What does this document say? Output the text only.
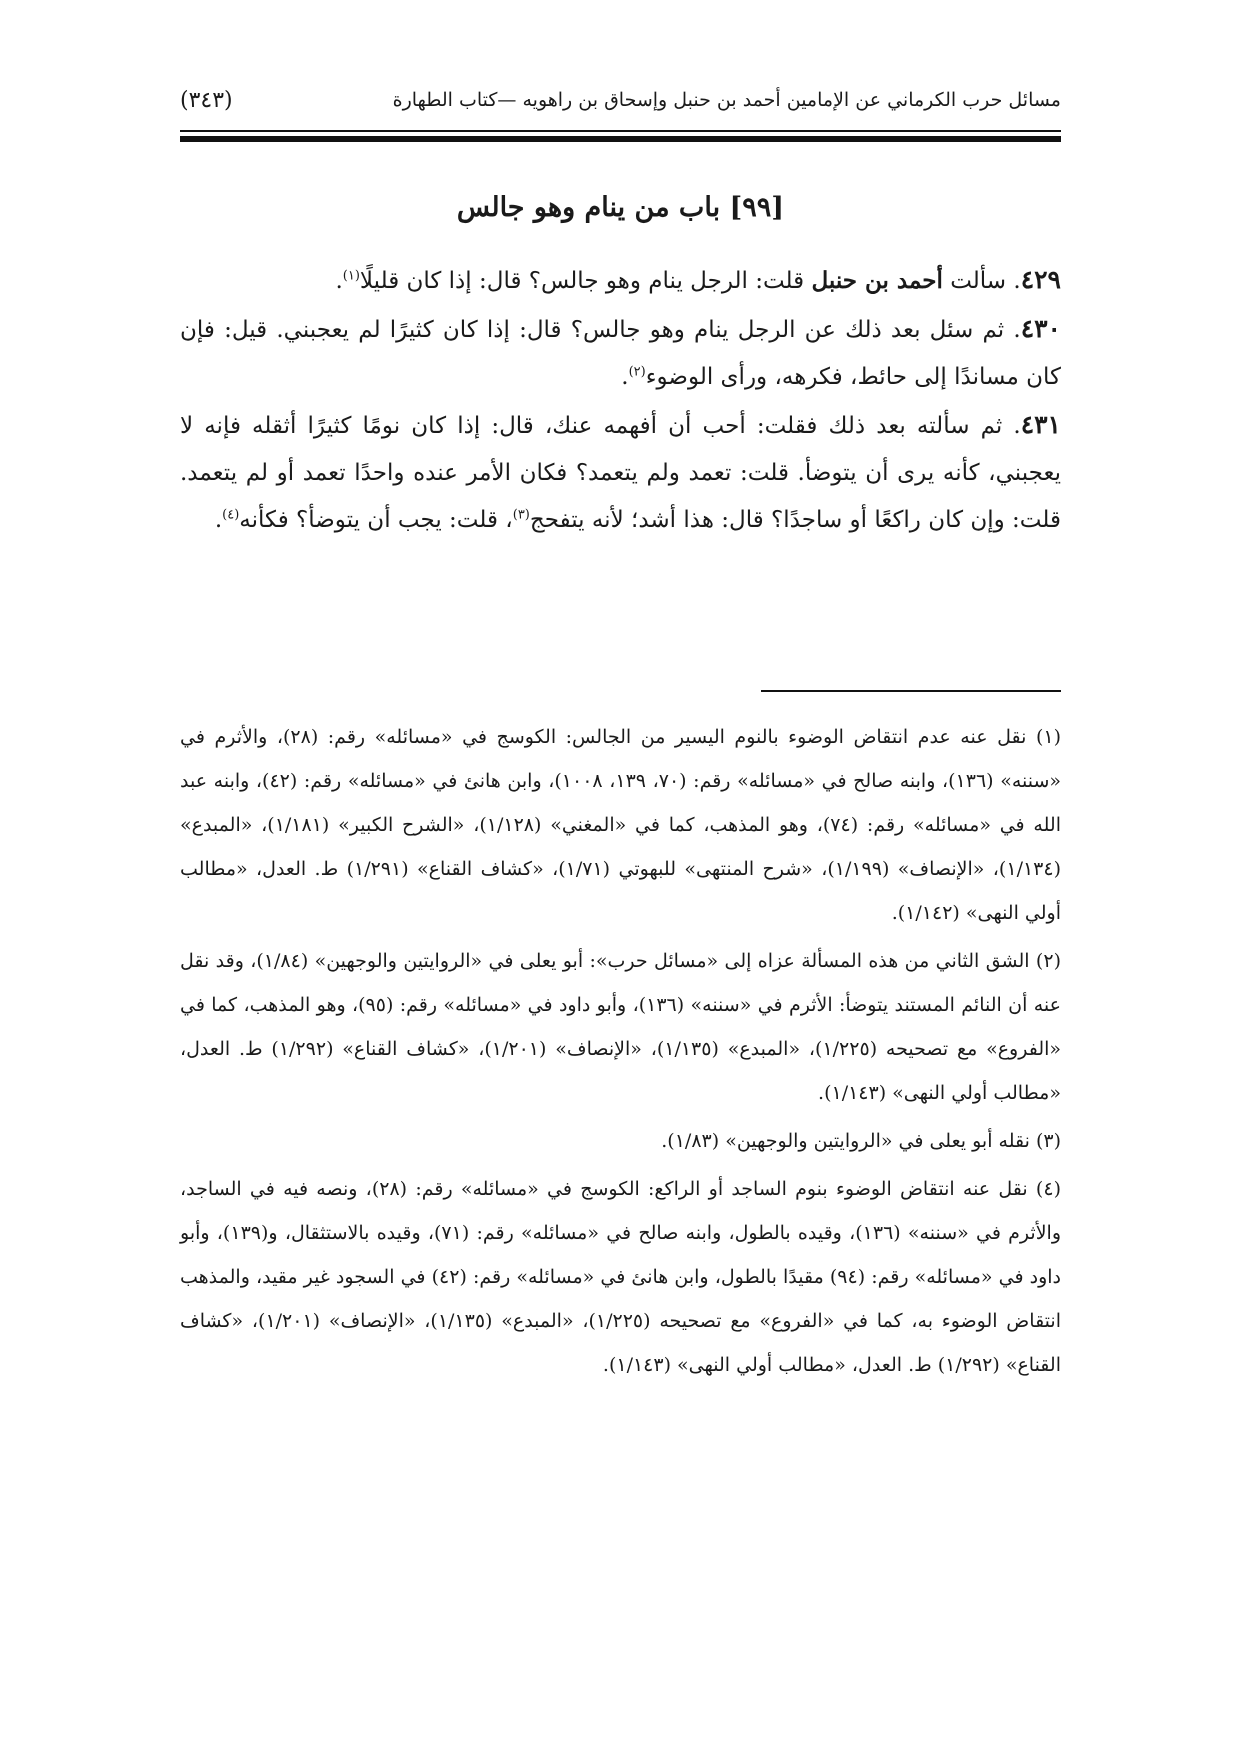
مسائل حرب الكرماني عن الإمامين أحمد بن حنبل وإسحاق بن راهويه —كتاب الطهارة
(٣٤٣)
[٩٩] باب من ينام وهو جالس

٤٢٩. سألت أحمد بن حنبل قلت: الرجل ينام وهو جالس؟ قال: إذا كان قليلًا$^{(١)}$.

٤٣٠. ثم سئل بعد ذلك عن الرجل ينام وهو جالس؟ قال: إذا كان كثيرًا لم يعجبني. قيل: فإن كان مساندًا إلى حائط، فكرهه، ورأى الوضوء$^{(٢)}$.

٤٣١. ثم سألته بعد ذلك فقلت: أحب أن أفهمه عنك، قال: إذا كان نومًا كثيرًا أثقله فإنه لا يعجبني، كأنه يرى أن يتوضأ. قلت: تعمد ولم يتعمد؟ فكان الأمر عنده واحدًا تعمد أو لم يتعمد. قلت: وإن كان راكعًا أو ساجدًا؟ قال: هذا أشد؛ لأنه يتفحج$^{(٣)}$، قلت: يجب أن يتوضأ؟ فكأنه$^{(٤)}$.

(١) نقل عنه عدم انتقاض الوضوء بالنوم اليسير من الجالس: الكوسج في «مسائله» رقم: (٢٨)، والأثرم في «سننه» (١٣٦)، وابنه صالح في «مسائله» رقم: (٧٠، ١٣٩، ١٠٠٨)، وابن هانئ في «مسائله» رقم: (٤٢)، وابنه عبد الله في «مسائله» رقم: (٧٤)، وهو المذهب، كما في «المغني» (١/١٢٨)، «الشرح الكبير» (١/١٨١)، «المبدع» (١/١٣٤)، «الإنصاف» (١/١٩٩)، «شرح المنتهى» للبهوتي (١/٧١)، «كشاف القناع» (١/٢٩١) ط. العدل، «مطالب أولي النهى» (١/١٤٢).

(٢) الشق الثاني من هذه المسألة عزاه إلى «مسائل حرب»: أبو يعلى في «الروايتين والوجهين» (١/٨٤)، وقد نقل عنه أن النائم المستند يتوضأ: الأثرم في «سننه» (١٣٦)، وأبو داود في «مسائله» رقم: (٩٥)، وهو المذهب، كما في «الفروع» مع تصحيحه (١/٢٢٥)، «المبدع» (١/١٣٥)، «الإنصاف» (١/٢٠١)، «كشاف القناع» (١/٢٩٢) ط. العدل، «مطالب أولي النهى» (١/١٤٣).

(٣) نقله أبو يعلى في «الروايتين والوجهين» (١/٨٣).

(٤) نقل عنه انتقاض الوضوء بنوم الساجد أو الراكع: الكوسج في «مسائله» رقم: (٢٨)، ونصه فيه في الساجد، والأثرم في «سننه» (١٣٦)، وقيده بالطول، وابنه صالح في «مسائله» رقم: (٧١)، وقيده بالاستثقال، و(١٣٩)، وأبو داود في «مسائله» رقم: (٩٤) مقيدًا بالطول، وابن هانئ في «مسائله» رقم: (٤٢) في السجود غير مقيد، والمذهب انتقاض الوضوء به، كما في «الفروع» مع تصحيحه (١/٢٢٥)، «المبدع» (١/١٣٥)، «الإنصاف» (١/٢٠١)، «كشاف القناع» (١/٢٩٢) ط. العدل، «مطالب أولي النهى» (١/١٤٣).
